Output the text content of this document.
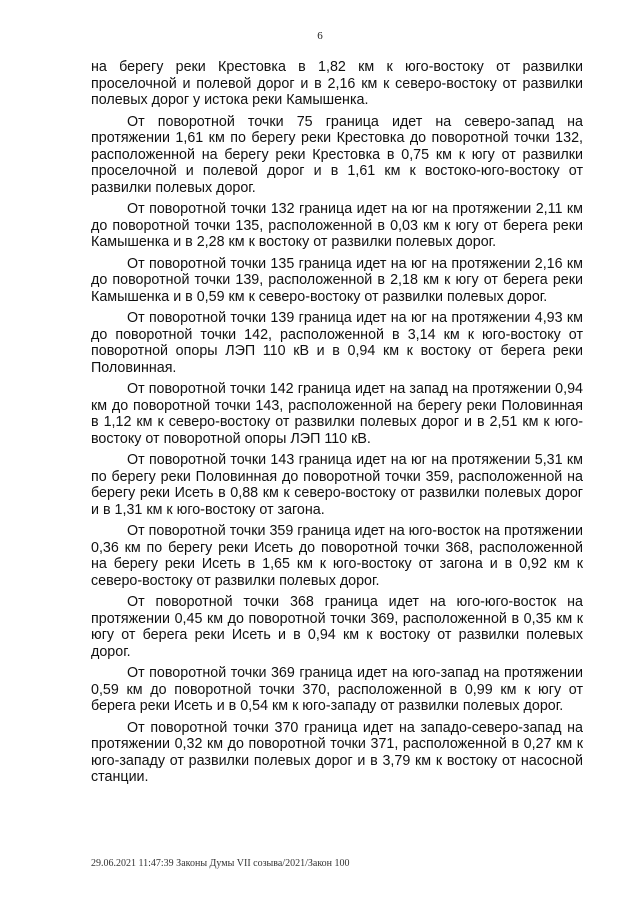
6

на берегу реки Крестовка в 1,82 км к юго-востоку от развилки проселочной и полевой дорог и в 2,16 км к северо-востоку от развилки полевых дорог у истока реки Камышенка.

От поворотной точки 75 граница идет на северо-запад на протяжении 1,61 км по берегу реки Крестовка до поворотной точки 132, расположенной на берегу реки Крестовка в 0,75 км к югу от развилки проселочной и полевой дорог и в 1,61 км к востоко-юго-востоку от развилки полевых дорог.

От поворотной точки 132 граница идет на юг на протяжении 2,11 км до поворотной точки 135, расположенной в 0,03 км к югу от берега реки Камышенка и в 2,28 км к востоку от развилки полевых дорог.

От поворотной точки 135 граница идет на юг на протяжении 2,16 км до поворотной точки 139, расположенной в 2,18 км к югу от берега реки Камышенка и в 0,59 км к северо-востоку от развилки полевых дорог.

От поворотной точки 139 граница идет на юг на протяжении 4,93 км до поворотной точки 142, расположенной в 3,14 км к юго-востоку от поворотной опоры ЛЭП 110 кВ и в 0,94 км к востоку от берега реки Половинная.

От поворотной точки 142 граница идет на запад на протяжении 0,94 км до поворотной точки 143, расположенной на берегу реки Половинная в 1,12 км к северо-востоку от развилки полевых дорог и в 2,51 км к юго-востоку от поворотной опоры ЛЭП 110 кВ.

От поворотной точки 143 граница идет на юг на протяжении 5,31 км по берегу реки Половинная до поворотной точки 359, расположенной на берегу реки Исеть в 0,88 км к северо-востоку от развилки полевых дорог и в 1,31 км к юго-востоку от загона.

От поворотной точки 359 граница идет на юго-восток на протяжении 0,36 км по берегу реки Исеть до поворотной точки 368, расположенной на берегу реки Исеть в 1,65 км к юго-востоку от загона и в 0,92 км к северо-востоку от развилки полевых дорог.

От поворотной точки 368 граница идет на юго-юго-восток на протяжении 0,45 км до поворотной точки 369, расположенной в 0,35 км к югу от берега реки Исеть и в 0,94 км к востоку от развилки полевых дорог.

От поворотной точки 369 граница идет на юго-запад на протяжении 0,59 км до поворотной точки 370, расположенной в 0,99 км к югу от берега реки Исеть и в 0,54 км к юго-западу от развилки полевых дорог.

От поворотной точки 370 граница идет на западо-северо-запад на протяжении 0,32 км до поворотной точки 371, расположенной в 0,27 км к юго-западу от развилки полевых дорог и в 3,79 км к востоку от насосной станции.

29.06.2021 11:47:39 Законы Думы VII созыва/2021/Закон 100
